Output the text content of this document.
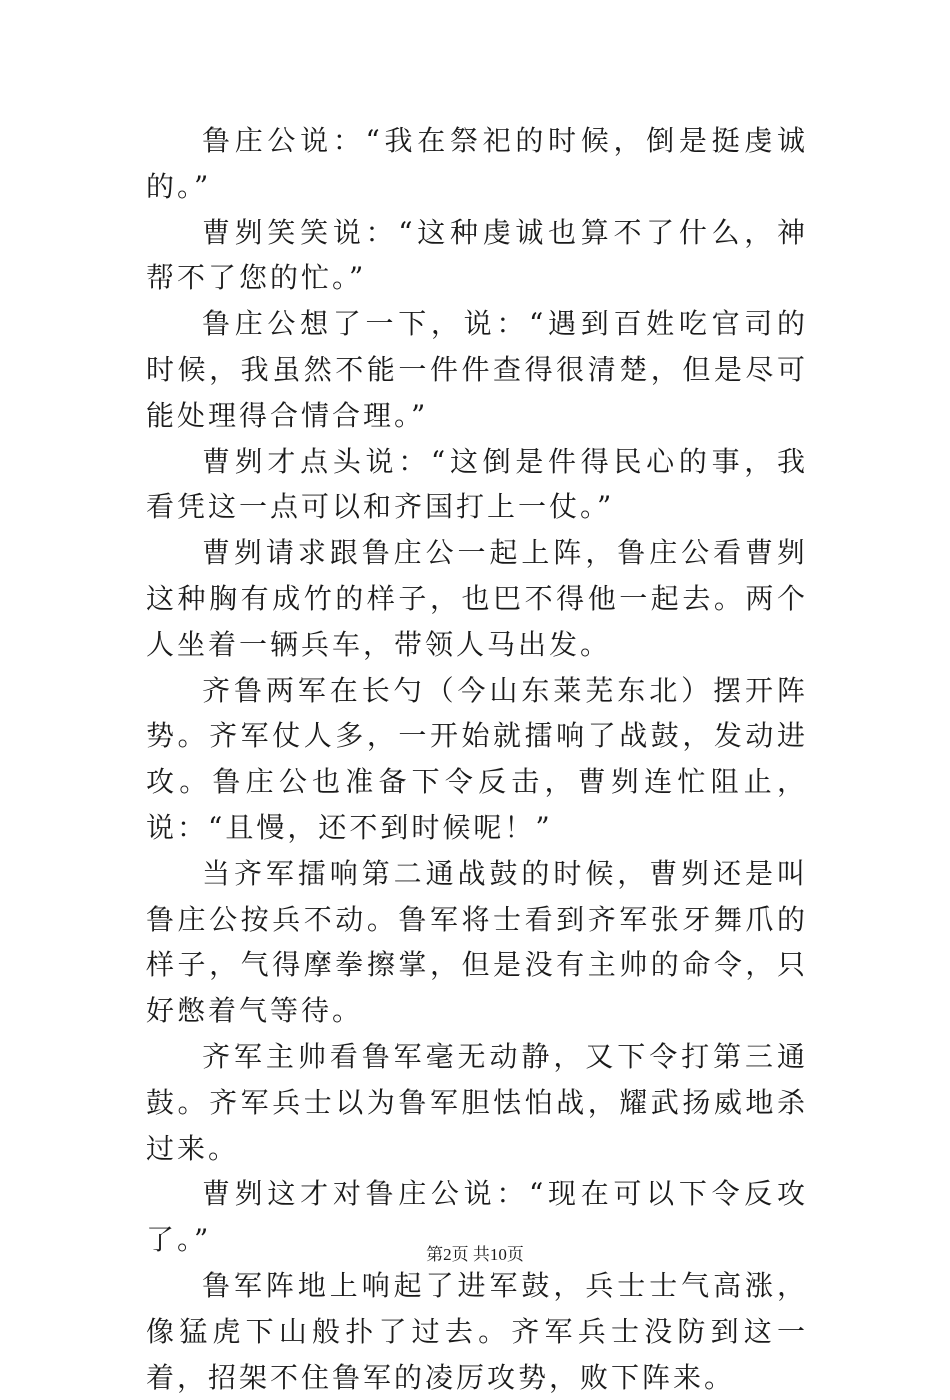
鲁庄公说：“我在祭祀的时候，倒是挺虔诚的。”

曹刿笑笑说：“这种虔诚也算不了什么，神帮不了您的忙。”

鲁庄公想了一下，说：“遇到百姓吃官司的时候，我虽然不能一件件查得很清楚，但是尽可能处理得合情合理。”

曹刿才点头说：“这倒是件得民心的事，我看凭这一点可以和齐国打上一仗。”

曹刿请求跟鲁庄公一起上阵，鲁庄公看曹刿这种胸有成竹的样子，也巴不得他一起去。两个人坐着一辆兵车，带领人马出发。

齐鲁两军在长勺（今山东莱芜东北）摆开阵势。齐军仗人多，一开始就擂响了战鼓，发动进攻。鲁庄公也准备下令反击，曹刿连忙阻止，说：“且慢，还不到时候呢！”

当齐军擂响第二通战鼓的时候，曹刿还是叫鲁庄公按兵不动。鲁军将士看到齐军张牙舞爪的样子，气得摩拳擦掌，但是没有主帅的命令，只好憋着气等待。

齐军主帅看鲁军毫无动静，又下令打第三通鼓。齐军兵士以为鲁军胆怯怕战，耀武扬威地杀过来。

曹刿这才对鲁庄公说：“现在可以下令反攻了。”

鲁军阵地上响起了进军鼓，兵士士气高涨，像猛虎下山般扑了过去。齐军兵士没防到这一着，招架不住鲁军的凌厉攻势，败下阵来。

第2页 共10页
